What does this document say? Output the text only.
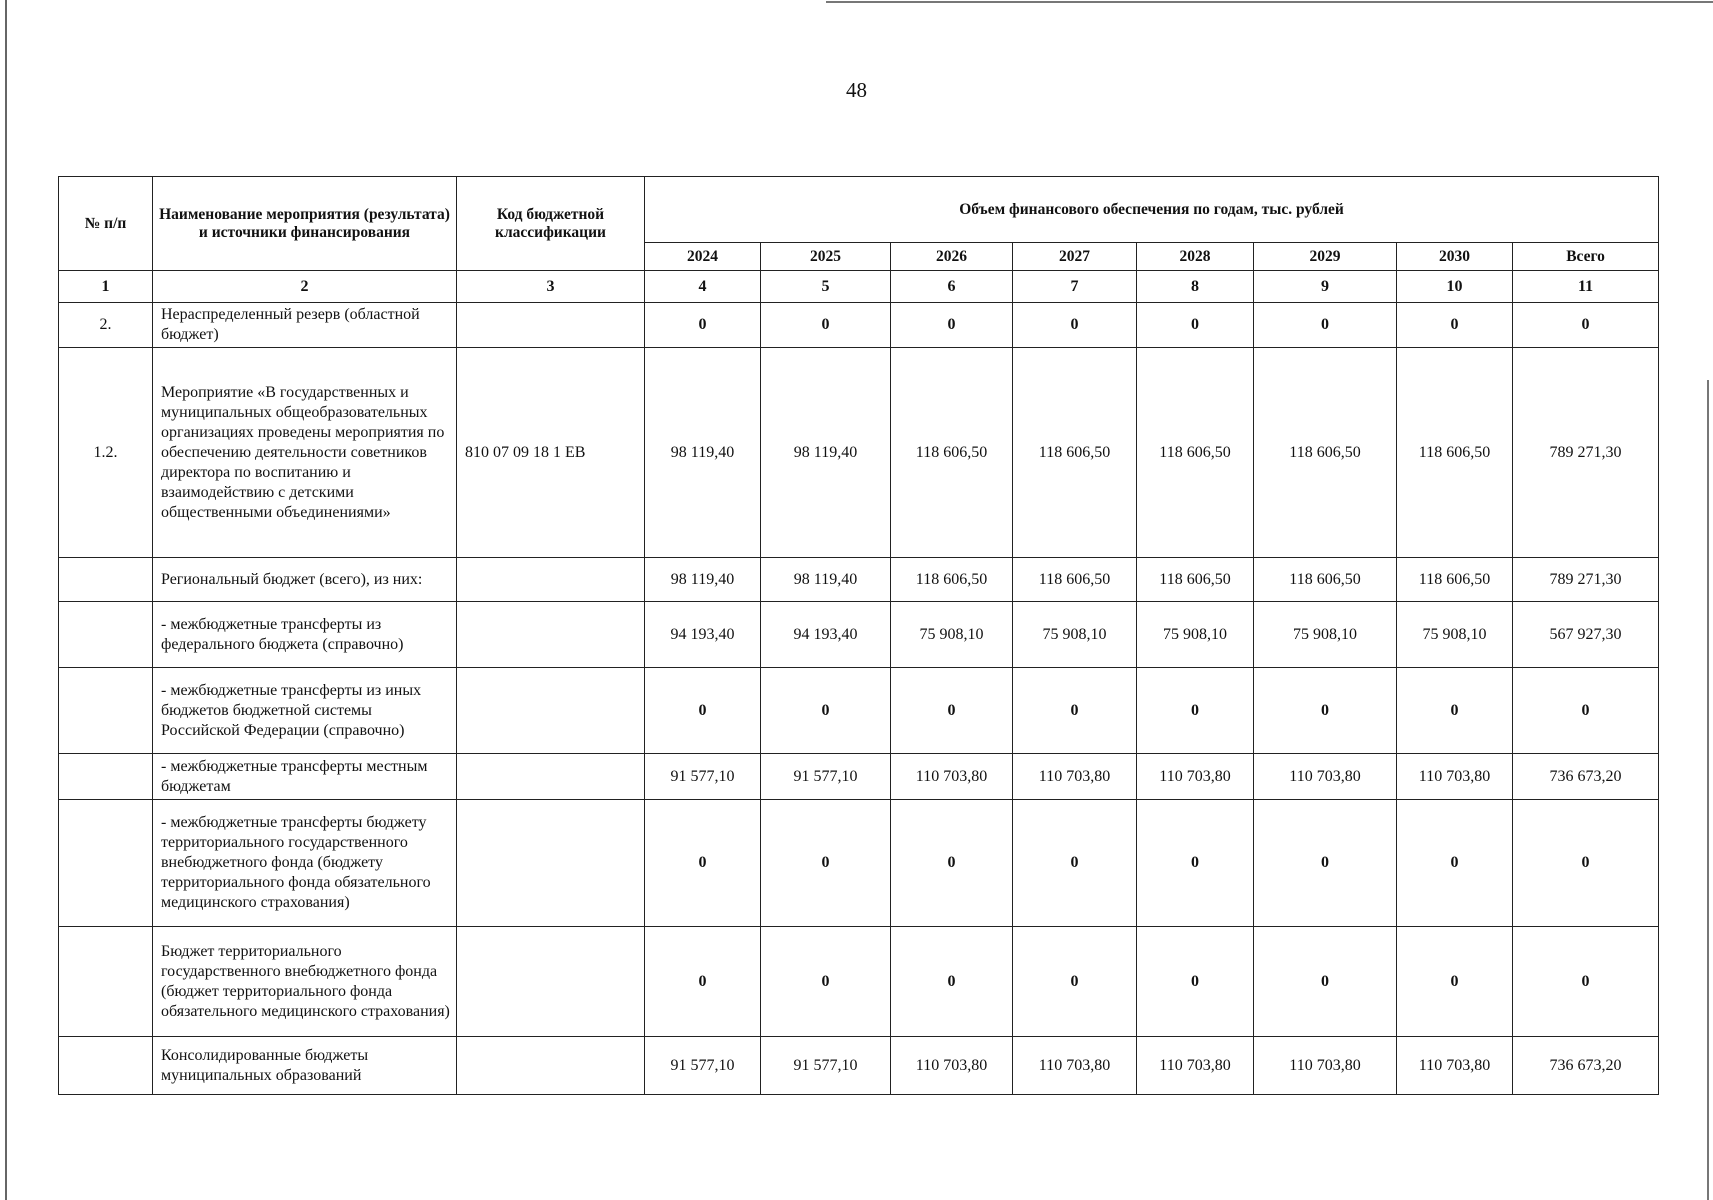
48
№ п/п	Наименование мероприятия (результата) и источники финансирования	Код бюджетной классификации	Объем финансового обеспечения по годам, тыс. рублей							
			2024	2025	2026	2027	2028	2029	2030	Всего
1	2	3	4	5	6	7	8	9	10	11
2.	Нераспределенный резерв (областной бюджет)		0	0	0	0	0	0	0	0
1.2.	Мероприятие «В государственных и муниципальных общеобразовательных организациях проведены мероприятия по обеспечению деятельности советников директора по воспитанию и взаимодействию с детскими общественными объединениями»	810 07 09 18 1 ЕВ	98 119,40	98 119,40	118 606,50	118 606,50	118 606,50	118 606,50	118 606,50	789 271,30
	Региональный бюджет (всего), из них:		98 119,40	98 119,40	118 606,50	118 606,50	118 606,50	118 606,50	118 606,50	789 271,30
	- межбюджетные трансферты из федерального бюджета (справочно)		94 193,40	94 193,40	75 908,10	75 908,10	75 908,10	75 908,10	75 908,10	567 927,30
	- межбюджетные трансферты из иных бюджетов бюджетной системы Российской Федерации (справочно)		0	0	0	0	0	0	0	0
	- межбюджетные трансферты местным бюджетам		91 577,10	91 577,10	110 703,80	110 703,80	110 703,80	110 703,80	110 703,80	736 673,20
	- межбюджетные трансферты бюджету территориального государственного внебюджетного фонда (бюджету территориального фонда обязательного медицинского страхования)		0	0	0	0	0	0	0	0
	Бюджет территориального государственного внебюджетного фонда (бюджет территориального фонда обязательного медицинского страхования)		0	0	0	0	0	0	0	0
	Консолидированные бюджеты муниципальных образований		91 577,10	91 577,10	110 703,80	110 703,80	110 703,80	110 703,80	110 703,80	736 673,20
